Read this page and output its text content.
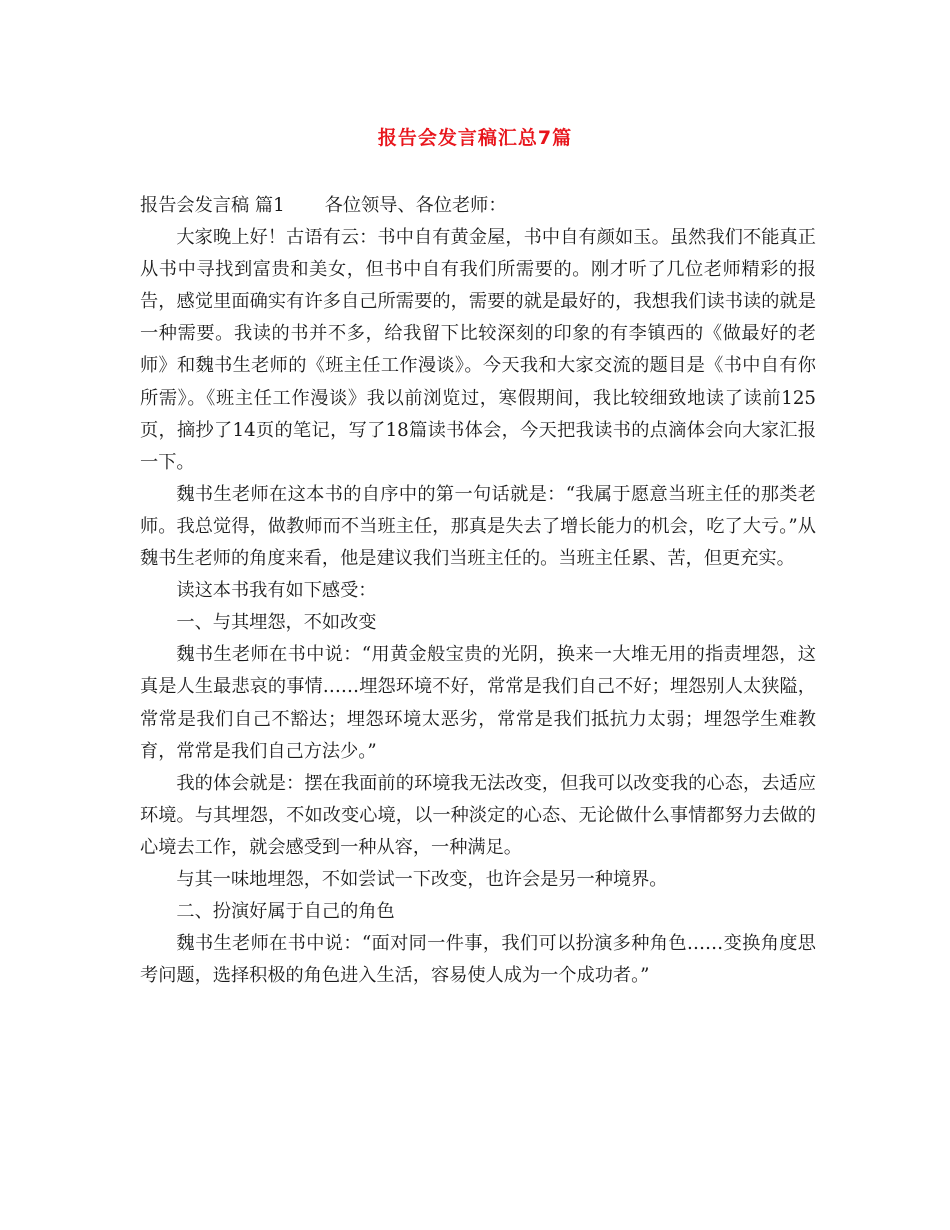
报告会发言稿汇总7篇

报告会发言稿 篇1 各位领导、各位老师：

大家晚上好！古语有云：书中自有黄金屋，书中自有颜如玉。虽然我们不能真正从书中寻找到富贵和美女，但书中自有我们所需要的。刚才听了几位老师精彩的报告，感觉里面确实有许多自己所需要的，需要的就是最好的，我想我们读书读的就是一种需要。我读的书并不多，给我留下比较深刻的印象的有李镇西的《做最好的老师》和魏书生老师的《班主任工作漫谈》。今天我和大家交流的题目是《书中自有你所需》。《班主任工作漫谈》我以前浏览过，寒假期间，我比较细致地读了读前125页，摘抄了14页的笔记，写了18篇读书体会，今天把我读书的点滴体会向大家汇报一下。

魏书生老师在这本书的自序中的第一句话就是：“我属于愿意当班主任的那类老师。我总觉得，做教师而不当班主任，那真是失去了增长能力的机会，吃了大亏。”从魏书生老师的角度来看，他是建议我们当班主任的。当班主任累、苦，但更充实。

读这本书我有如下感受：

一、与其埋怨，不如改变

魏书生老师在书中说：“用黄金般宝贵的光阴，换来一大堆无用的指责埋怨，这真是人生最悲哀的事情……埋怨环境不好，常常是我们自己不好；埋怨别人太狭隘，常常是我们自己不豁达；埋怨环境太恶劣，常常是我们抵抗力太弱；埋怨学生难教育，常常是我们自己方法少。”

我的体会就是：摆在我面前的环境我无法改变，但我可以改变我的心态，去适应环境。与其埋怨，不如改变心境，以一种淡定的心态、无论做什么事情都努力去做的心境去工作，就会感受到一种从容，一种满足。

与其一味地埋怨，不如尝试一下改变，也许会是另一种境界。

二、扮演好属于自己的角色

魏书生老师在书中说：“面对同一件事，我们可以扮演多种角色……变换角度思考问题，选择积极的角色进入生活，容易使人成为一个成功者。”
